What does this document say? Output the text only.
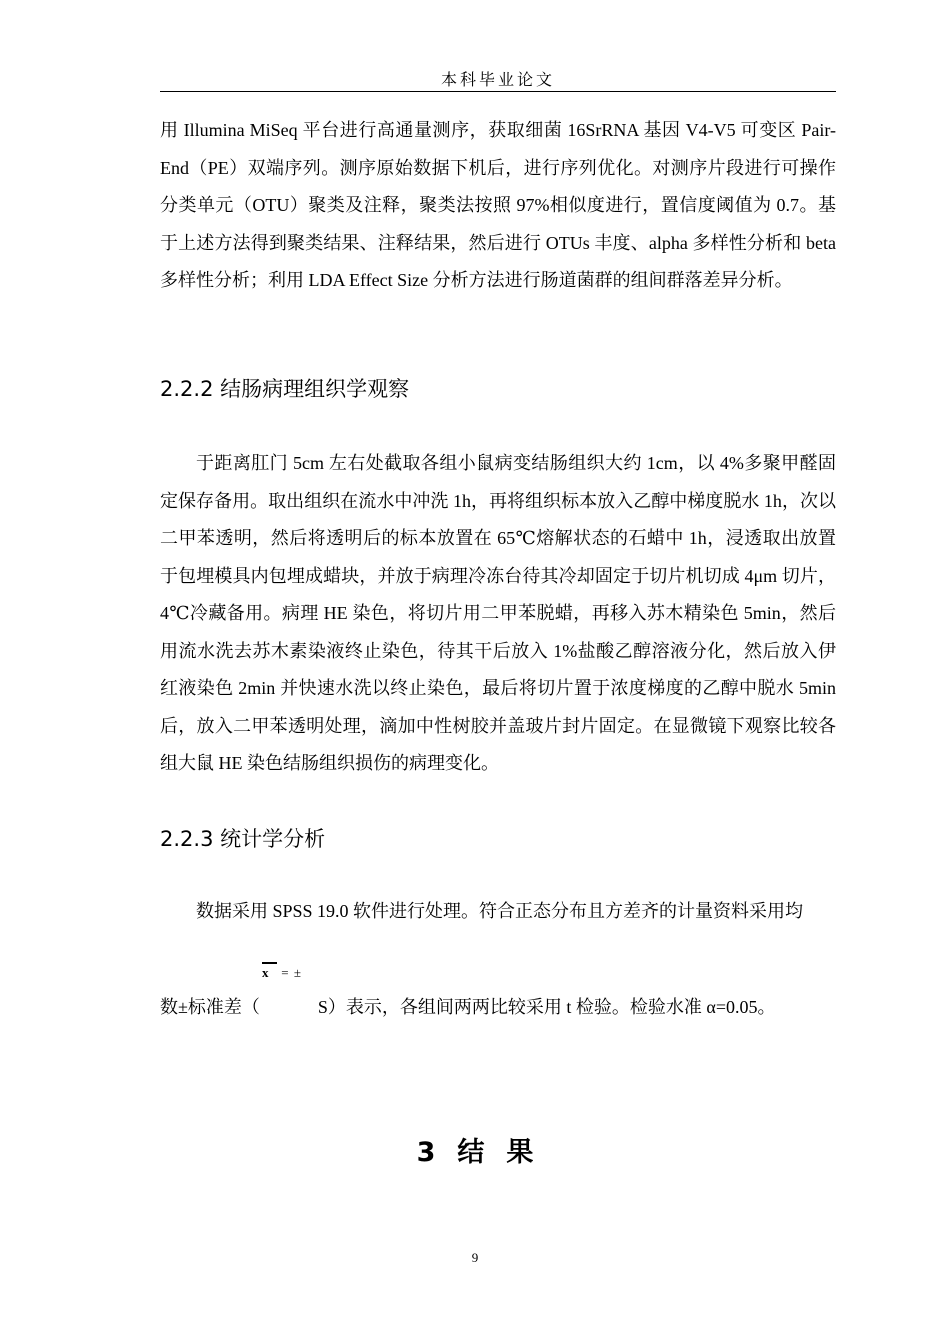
本科毕业论文

用 Illumina MiSeq 平台进行高通量测序，获取细菌 16SrRNA 基因 V4-V5 可变区 Pair-End（PE）双端序列。测序原始数据下机后，进行序列优化。对测序片段进行可操作分类单元（OTU）聚类及注释，聚类法按照 97%相似度进行，置信度阈值为 0.7。基于上述方法得到聚类结果、注释结果，然后进行 OTUs 丰度、alpha 多样性分析和 beta 多样性分析；利用 LDA Effect Size 分析方法进行肠道菌群的组间群落差异分析。

2.2.2 结肠病理组织学观察

于距离肛门 5cm 左右处截取各组小鼠病变结肠组织大约 1cm，以 4%多聚甲醛固定保存备用。取出组织在流水中冲洗 1h，再将组织标本放入乙醇中梯度脱水 1h，次以二甲苯透明，然后将透明后的标本放置在 65℃熔解状态的石蜡中 1h，浸透取出放置于包埋模具内包埋成蜡块，并放于病理冷冻台待其冷却固定于切片机切成 4μm 切片，4℃冷藏备用。病理 HE 染色，将切片用二甲苯脱蜡，再移入苏木精染色 5min，然后用流水洗去苏木素染液终止染色，待其干后放入 1%盐酸乙醇溶液分化，然后放入伊红液染色 2min 并快速水洗以终止染色，最后将切片置于浓度梯度的乙醇中脱水 5min 后，放入二甲苯透明处理，滴加中性树胶并盖玻片封片固定。在显微镜下观察比较各组大鼠 HE 染色结肠组织损伤的病理变化。

2.2.3 统计学分析

数据采用 SPSS 19.0 软件进行处理。符合正态分布且方差齐的计量资料采用均

x = ±

数±标准差（	S）表示，各组间两两比较采用 t 检验。检验水准 α=0.05。

3 结 果
9
